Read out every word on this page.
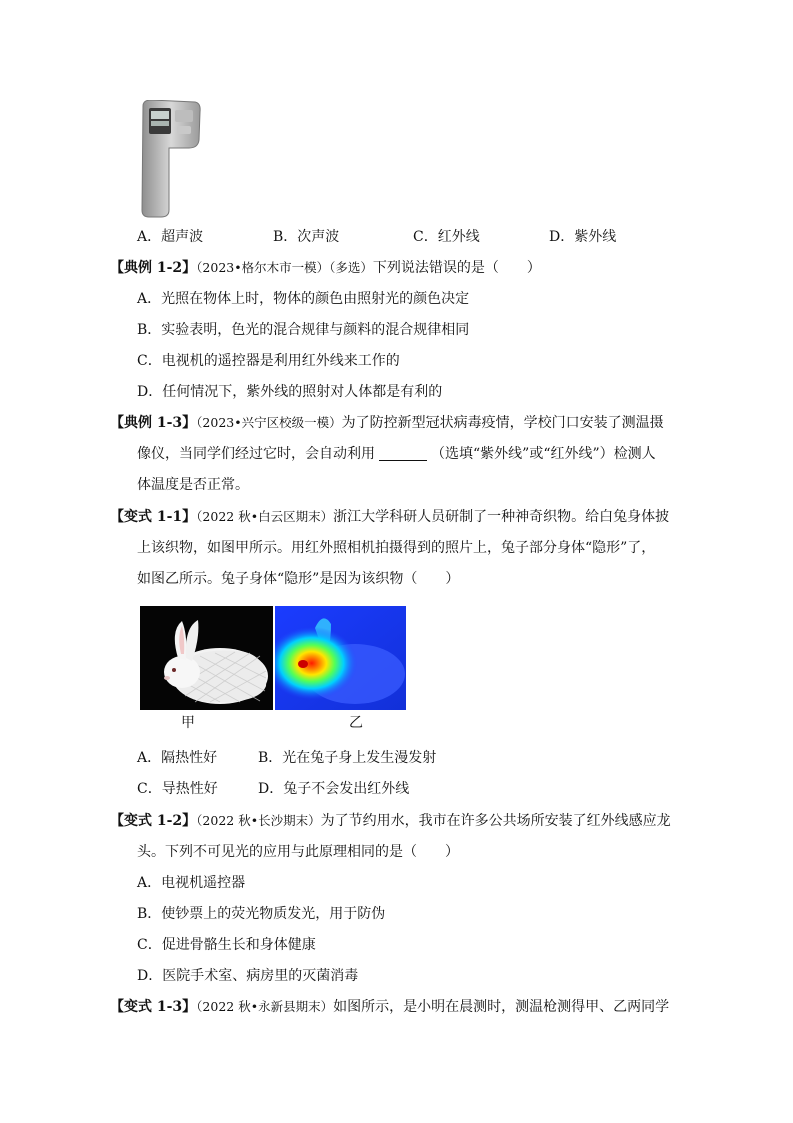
A．超声波	B．次声波	C．红外线	D．紫外线
【典例 1-2】（2023•格尔木市一模）（多选）下列说法错误的是（　　）
A．光照在物体上时，物体的颜色由照射光的颜色决定
B．实验表明，色光的混合规律与颜料的混合规律相同
C．电视机的遥控器是利用红外线来工作的
D．任何情况下，紫外线的照射对人体都是有利的
【典例 1-3】（2023•兴宁区校级一模）为了防控新型冠状病毒疫情，学校门口安装了测温摄
像仪，当同学们经过它时，会自动利用	（选填“紫外线”或“红外线”）检测人
体温度是否正常。
【变式 1-1】（2022 秋•白云区期末）浙江大学科研人员研制了一种神奇织物。给白兔身体披
上该织物，如图甲所示。用红外照相机拍摄得到的照片上，兔子部分身体“隐形”了，
如图乙所示。兔子身体“隐形”是因为该织物（　　）
甲	乙
A．隔热性好	B．光在兔子身上发生漫发射
C．导热性好	D．兔子不会发出红外线
【变式 1-2】（2022 秋•长沙期末）为了节约用水，我市在许多公共场所安装了红外线感应龙
头。下列不可见光的应用与此原理相同的是（　　）
A．电视机遥控器
B．使钞票上的荧光物质发光，用于防伪
C．促进骨骼生长和身体健康
D．医院手术室、病房里的灭菌消毒
【变式 1-3】（2022 秋•永新县期末）如图所示，是小明在晨测时，测温枪测得甲、乙两同学
